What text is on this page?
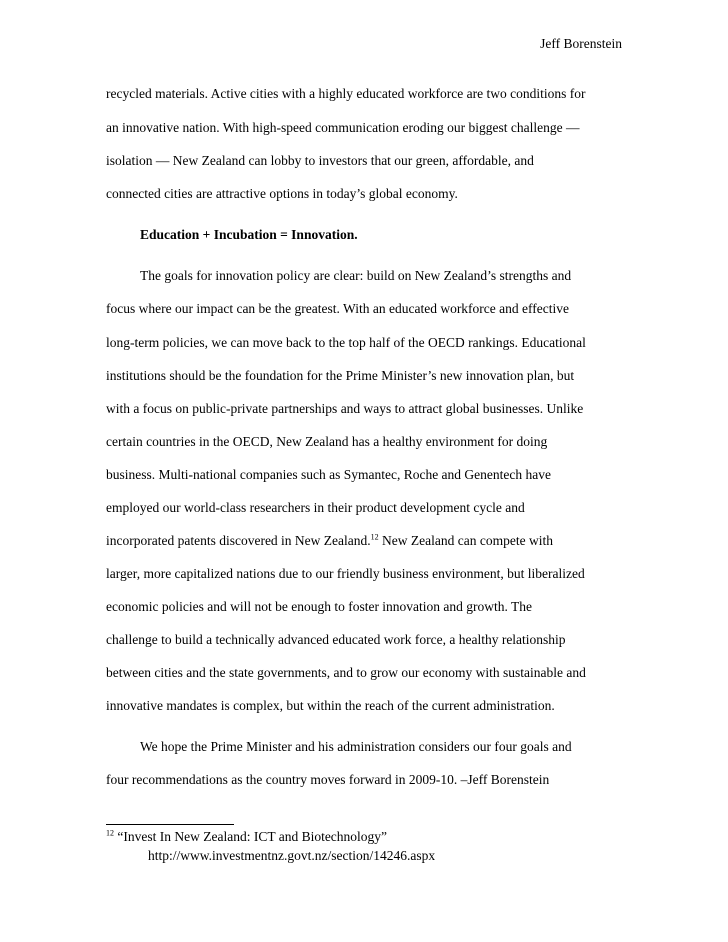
Jeff Borenstein
recycled materials. Active cities with a highly educated workforce are two conditions for
an innovative nation. With high-speed communication eroding our biggest challenge —
isolation — New Zealand can lobby to investors that our green, affordable, and
connected cities are attractive options in today’s global economy.
Education + Incubation = Innovation.
The goals for innovation policy are clear: build on New Zealand’s strengths and
focus where our impact can be the greatest. With an educated workforce and effective
long-term policies, we can move back to the top half of the OECD rankings. Educational
institutions should be the foundation for the Prime Minister’s new innovation plan, but
with a focus on public-private partnerships and ways to attract global businesses. Unlike
certain countries in the OECD, New Zealand has a healthy environment for doing
business. Multi-national companies such as Symantec, Roche and Genentech have
employed our world-class researchers in their product development cycle and
incorporated patents discovered in New Zealand.$^{12}$ New Zealand can compete with
larger, more capitalized nations due to our friendly business environment, but liberalized
economic policies and will not be enough to foster innovation and growth. The
challenge to build a technically advanced educated work force, a healthy relationship
between cities and the state governments, and to grow our economy with sustainable and
innovative mandates is complex, but within the reach of the current administration.
We hope the Prime Minister and his administration considers our four goals and
four recommendations as the country moves forward in 2009-10. –Jeff Borenstein
$^{12}$ “Invest In New Zealand: ICT and Biotechnology”
http://www.investmentnz.govt.nz/section/14246.aspx
